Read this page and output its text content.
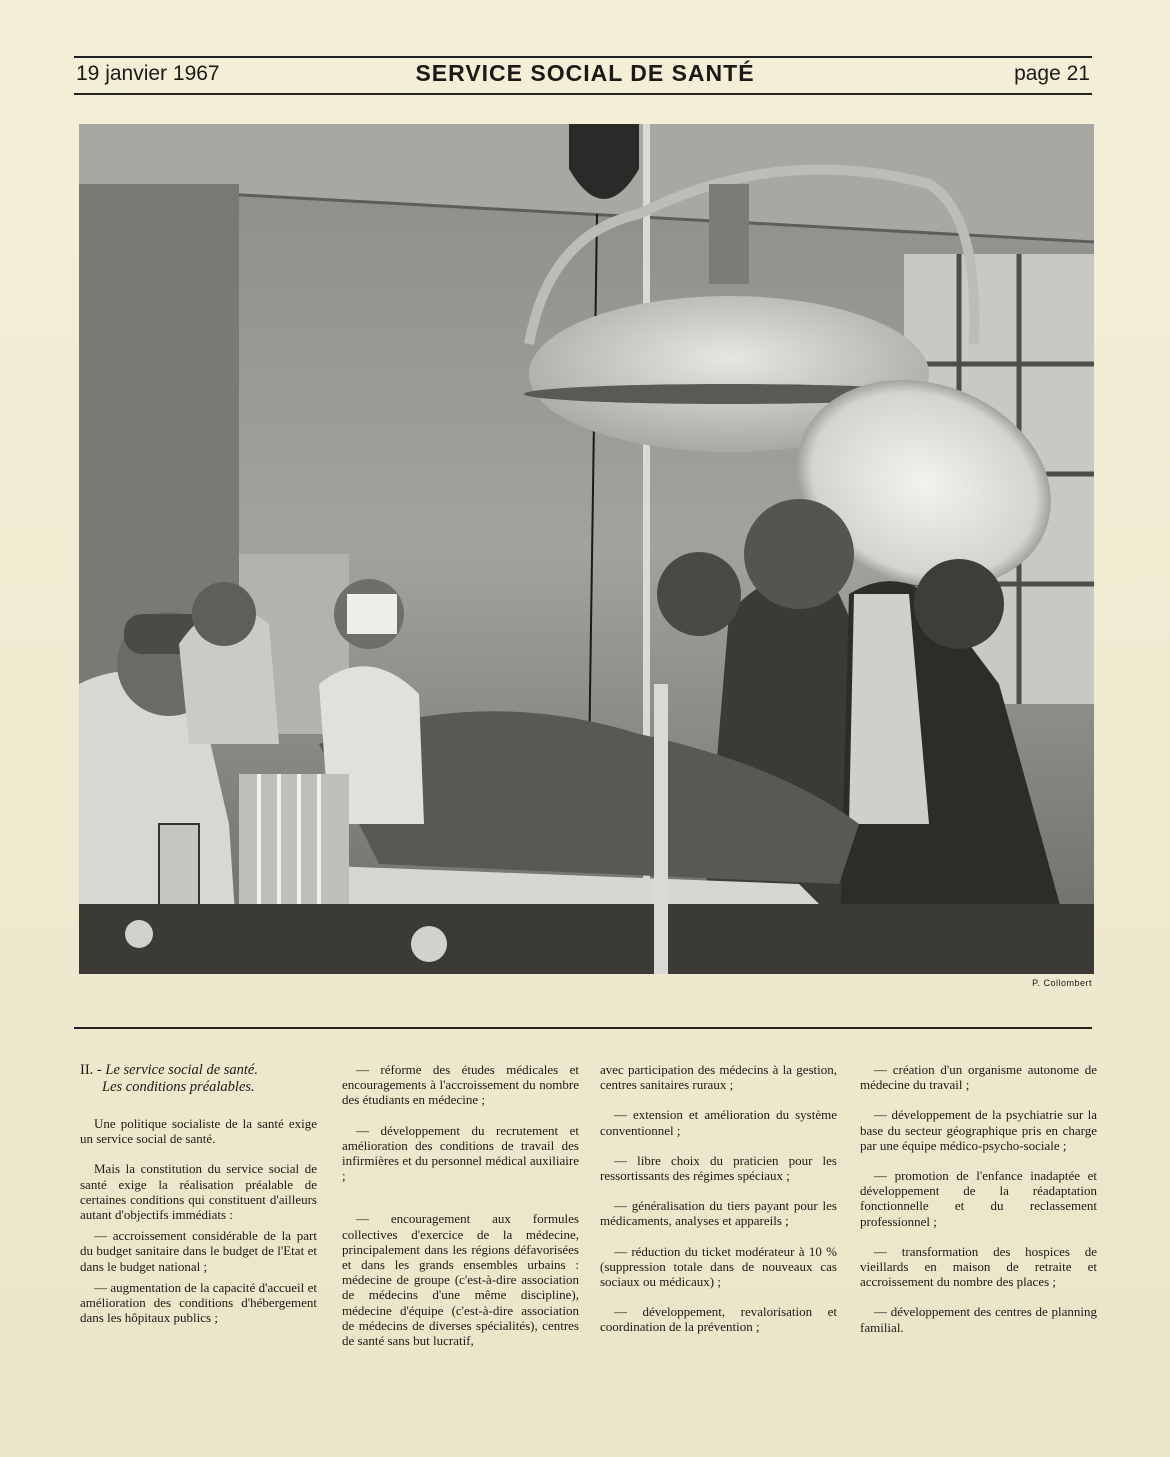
19 janvier 1967	SERVICE SOCIAL DE SANTÉ	page 21
P. Collombert
II. - Le service social de santé.
Les conditions préalables.

Une politique socialiste de la santé exige un service social de santé.

Mais la constitution du service social de santé exige la réalisation préalable de certaines conditions qui constituent d'ailleurs autant d'objectifs immédiats :

— accroissement considérable de la part du budget sanitaire dans le budget de l'Etat et dans le budget national ;

— augmentation de la capacité d'accueil et amélioration des conditions d'hébergement dans les hôpitaux publics ;

— réforme des études médicales et encouragements à l'accroissement du nombre des étudiants en médecine ;

— développement du recrutement et amélioration des conditions de travail des infirmières et du personnel médical auxiliaire ;

— encouragement aux formules collectives d'exercice de la médecine, principalement dans les régions défavorisées et dans les grands ensembles urbains : médecine de groupe (c'est-à-dire association de médecins d'une même discipline), médecine d'équipe (c'est-à-dire association de médecins de diverses spécialités), centres de santé sans but lucratif,

avec participation des médecins à la gestion, centres sanitaires ruraux ;

— extension et amélioration du système conventionnel ;

— libre choix du praticien pour les ressortissants des régimes spéciaux ;

— généralisation du tiers payant pour les médicaments, analyses et appareils ;

— réduction du ticket modérateur à 10 % (suppression totale dans de nouveaux cas sociaux ou médicaux) ;

— développement, revalorisation et coordination de la prévention ;

— création d'un organisme autonome de médecine du travail ;

— développement de la psychiatrie sur la base du secteur géographique pris en charge par une équipe médico-psycho-sociale ;

— promotion de l'enfance inadaptée et développement de la réadaptation fonctionnelle et du reclassement professionnel ;

— transformation des hospices de vieillards en maison de retraite et accroissement du nombre des places ;

— développement des centres de planning familial.
